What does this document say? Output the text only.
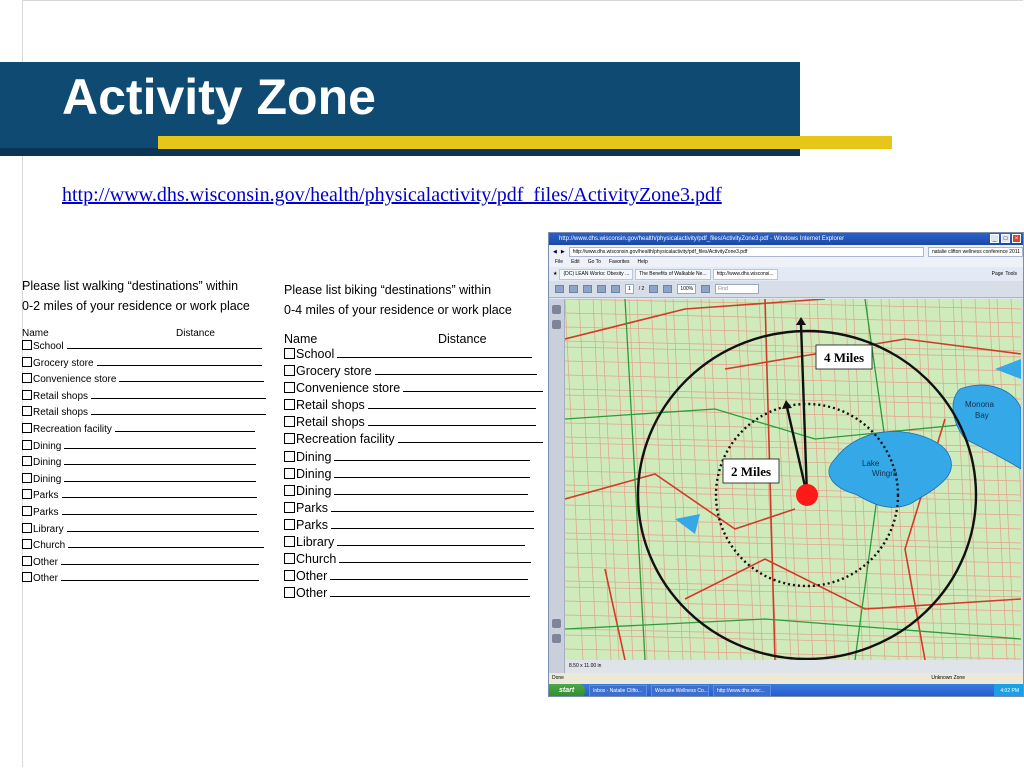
Activity Zone
http://www.dhs.wisconsin.gov/health/physicalactivity/pdf_files/ActivityZone3.pdf
Please list walking “destinations” within
0-2 miles of your residence or work place
Name	Distance
School
Grocery store
Convenience store
Retail shops
Retail shops
Recreation facility
Dining
Dining
Dining
Parks
Parks
Library
Church
Other
Other
Please list biking “destinations” within
0-4 miles of your residence or work place
Name	Distance
School
Grocery store
Convenience store
Retail shops
Retail shops
Recreation facility
Dining
Dining
Dining
Parks
Parks
Library
Church
Other
Other
http://www.dhs.wisconsin.gov/health/physicalactivity/pdf_files/ActivityZone3.pdf - Windows Internet Explorer	_	□	×
◀ ▶	http://www.dhs.wisconsin.gov/health/physicalactivity/pdf_files/ActivityZone3.pdf	natalie clifton wellness conference 2011
File Edit Go To Favorites Help
★	(DC) LEAN Works: Obesity ...	The Benefits of Walkable Ne...	http://www.dhs.wisconsi...	Page Tools
1	/ 2	100%	Find
4 Miles
2 Miles
Lake
Wingra
Monona
Bay
8.50 x 11.00 in
Done	Unknown Zone
start	Inbox - Natalie Clifto...	Worksite Wellness Co...	http://www.dhs.wisc...	4:02 PM
